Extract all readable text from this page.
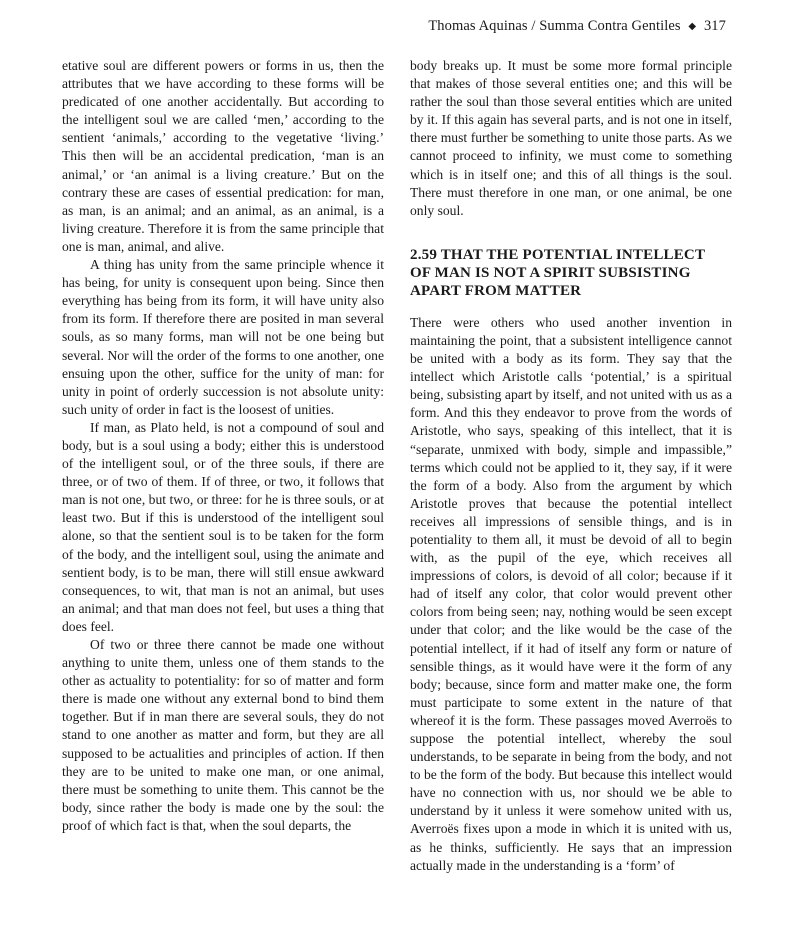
Thomas Aquinas / Summa Contra Gentiles ◆ 317

etative soul are different powers or forms in us, then the attributes that we have according to these forms will be predicated of one another accidentally. But according to the intelligent soul we are called ‘men,’ according to the sentient ‘animals,’ according to the vegetative ‘living.’ This then will be an accidental predication, ‘man is an animal,’ or ‘an animal is a living creature.’ But on the contrary these are cases of essential predication: for man, as man, is an animal; and an animal, as an animal, is a living creature. Therefore it is from the same principle that one is man, animal, and alive.

A thing has unity from the same principle whence it has being, for unity is consequent upon being. Since then everything has being from its form, it will have unity also from its form. If therefore there are posited in man several souls, as so many forms, man will not be one being but several. Nor will the order of the forms to one another, one ensuing upon the other, suffice for the unity of man: for unity in point of orderly succession is not absolute unity: such unity of order in fact is the loosest of unities.

If man, as Plato held, is not a compound of soul and body, but is a soul using a body; either this is understood of the intelligent soul, or of the three souls, if there are three, or of two of them. If of three, or two, it follows that man is not one, but two, or three: for he is three souls, or at least two. But if this is understood of the intelligent soul alone, so that the sentient soul is to be taken for the form of the body, and the intelligent soul, using the animate and sentient body, is to be man, there will still ensue awkward consequences, to wit, that man is not an animal, but uses an animal; and that man does not feel, but uses a thing that does feel.

Of two or three there cannot be made one without anything to unite them, unless one of them stands to the other as actuality to potentiality: for so of matter and form there is made one without any external bond to bind them together. But if in man there are several souls, they do not stand to one another as matter and form, but they are all supposed to be actualities and principles of action. If then they are to be united to make one man, or one animal, there must be something to unite them. This cannot be the body, since rather the body is made one by the soul: the proof of which fact is that, when the soul departs, the

body breaks up. It must be some more formal principle that makes of those several entities one; and this will be rather the soul than those several entities which are united by it. If this again has several parts, and is not one in itself, there must further be something to unite those parts. As we cannot proceed to infinity, we must come to something which is in itself one; and this of all things is the soul. There must therefore in one man, or one animal, be one only soul.

2.59 THAT THE POTENTIAL INTELLECT
OF MAN IS NOT A SPIRIT SUBSISTING
APART FROM MATTER

There were others who used another invention in maintaining the point, that a subsistent intelligence cannot be united with a body as its form. They say that the intellect which Aristotle calls ‘potential,’ is a spiritual being, subsisting apart by itself, and not united with us as a form. And this they endeavor to prove from the words of Aristotle, who says, speaking of this intellect, that it is “separate, unmixed with body, simple and impassible,” terms which could not be applied to it, they say, if it were the form of a body. Also from the argument by which Aristotle proves that because the potential intellect receives all impressions of sensible things, and is in potentiality to them all, it must be devoid of all to begin with, as the pupil of the eye, which receives all impressions of colors, is devoid of all color; because if it had of itself any color, that color would prevent other colors from being seen; nay, nothing would be seen except under that color; and the like would be the case of the potential intellect, if it had of itself any form or nature of sensible things, as it would have were it the form of any body; because, since form and matter make one, the form must participate to some extent in the nature of that whereof it is the form. These passages moved Averroës to suppose the potential intellect, whereby the soul understands, to be separate in being from the body, and not to be the form of the body. But because this intellect would have no connection with us, nor should we be able to understand by it unless it were somehow united with us, Averroës fixes upon a mode in which it is united with us, as he thinks, sufficiently. He says that an impression actually made in the understanding is a ‘form’ of
